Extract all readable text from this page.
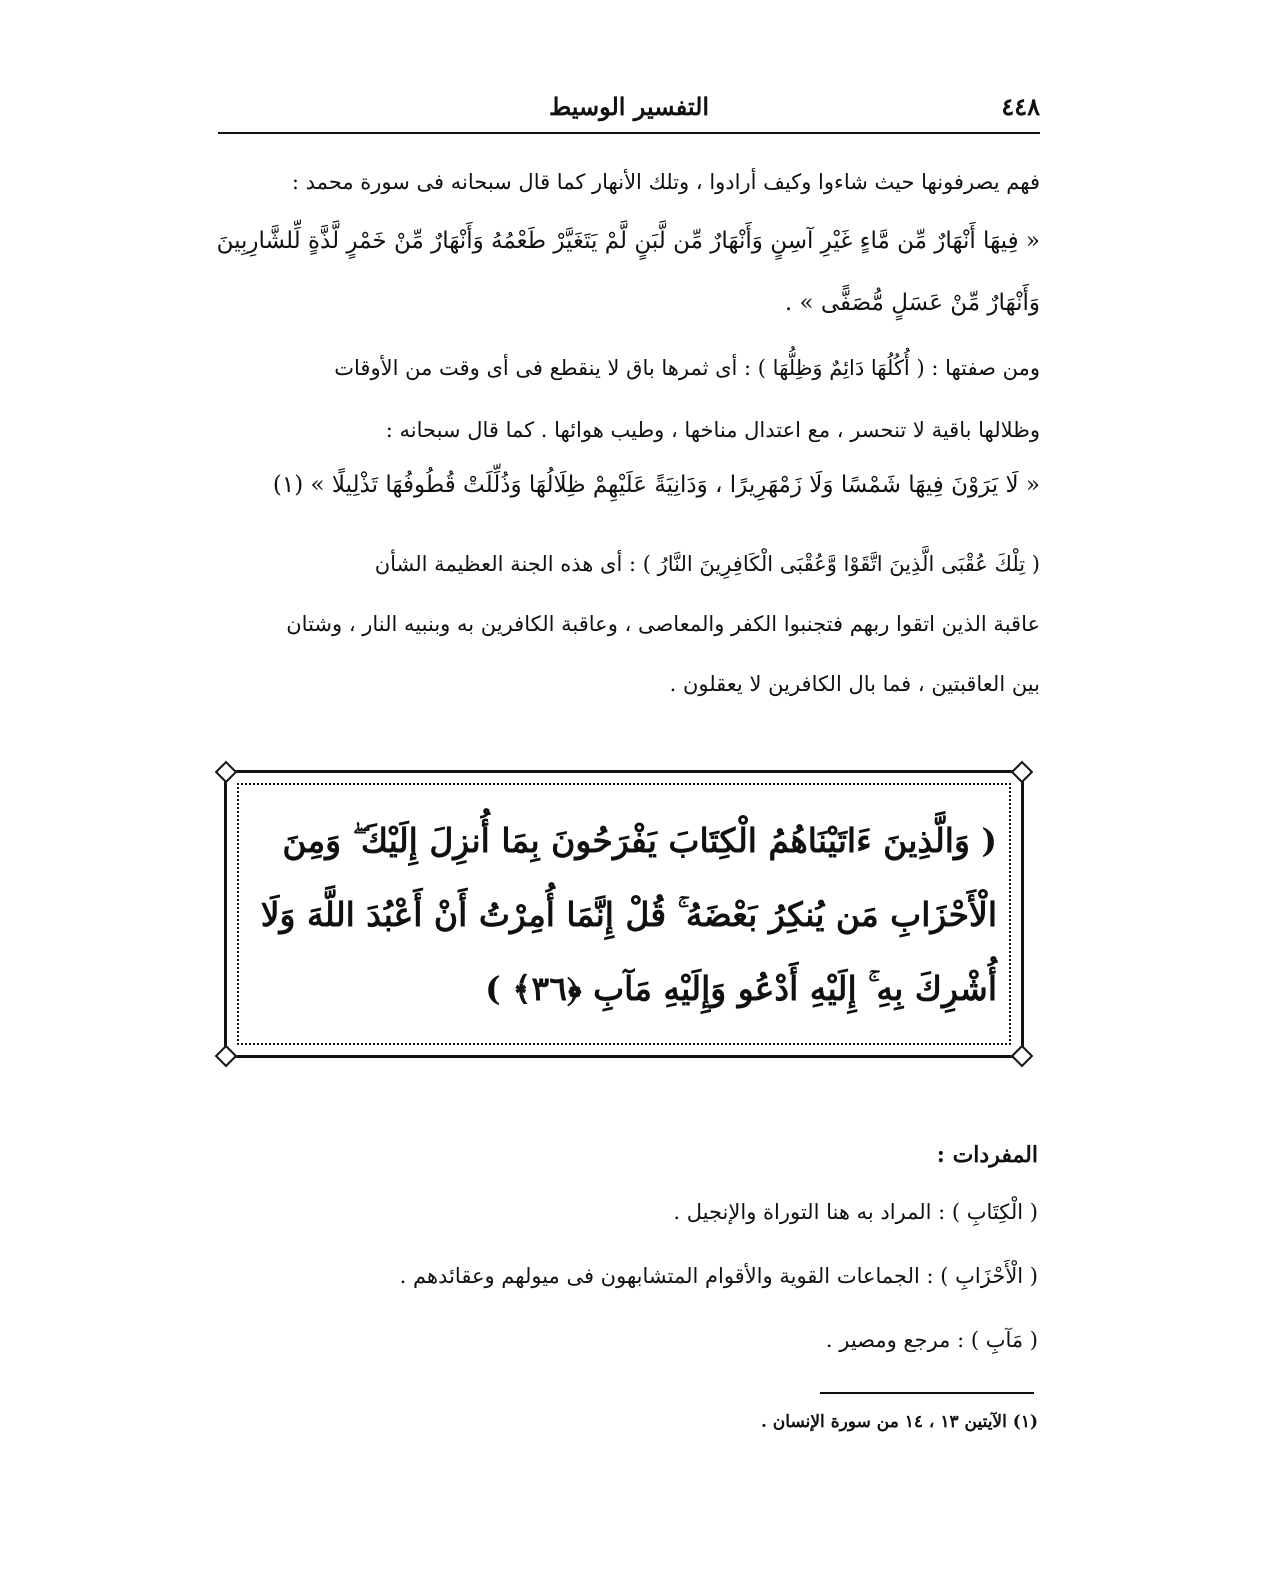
التفسير الوسيط	٤٤٨
فهم يصرفونها حيث شاءوا وكيف أرادوا ، وتلك الأنهار كما قال سبحانه فى سورة محمد :
« فِيهَا أَنْهَارٌ مِّن مَّاءٍ غَيْرِ آسِنٍ وَأَنْهَارٌ مِّن لَّبَنٍ لَّمْ يَتَغَيَّرْ طَعْمُهُ وَأَنْهَارٌ مِّنْ خَمْرٍ لَّذَّةٍ لِّلشَّارِبِينَ
وَأَنْهَارٌ مِّنْ عَسَلٍ مُّصَفًّى » .
ومن صفتها : ( أُكُلُهَا دَائِمٌ وَظِلُّهَا ) : أى ثمرها باق لا ينقطع فى أى وقت من الأوقات
وظلالها باقية لا تنحسر ، مع اعتدال مناخها ، وطيب هوائها . كما قال سبحانه :
« لَا يَرَوْنَ فِيهَا شَمْسًا وَلَا زَمْهَرِيرًا ، وَدَانِيَةً عَلَيْهِمْ ظِلَالُهَا وَذُلِّلَتْ قُطُوفُهَا تَذْلِيلًا » (١)
( تِلْكَ عُقْبَى الَّذِينَ اتَّقَوْا وَّعُقْبَى الْكَافِرِينَ النَّارُ ) : أى هذه الجنة العظيمة الشأن
عاقبة الذين اتقوا ربهم فتجنبوا الكفر والمعاصى ، وعاقبة الكافرين به وبنبيه النار ، وشتان
بين العاقبتين ، فما بال الكافرين لا يعقلون .
( وَالَّذِينَ ءَاتَيْنَاهُمُ الْكِتَابَ يَفْرَحُونَ بِمَا أُنزِلَ إِلَيْكَ ۖ وَمِنَ
الْأَحْزَابِ مَن يُنكِرُ بَعْضَهُ ۚ قُلْ إِنَّمَا أُمِرْتُ أَنْ أَعْبُدَ اللَّهَ وَلَا
أُشْرِكَ بِهِ ۚ إِلَيْهِ أَدْعُو وَإِلَيْهِ مَآبِ ﴿٣٦﴾ )
المفردات :
( الْكِتَابِ ) : المراد به هنا التوراة والإنجيل .
( الْأَحْزَابِ ) : الجماعات القوية والأقوام المتشابهون فى ميولهم وعقائدهم .
( مَآبِ ) : مرجع ومصير .
(١) الآيتين ١٣ ، ١٤ من سورة الإنسان .
